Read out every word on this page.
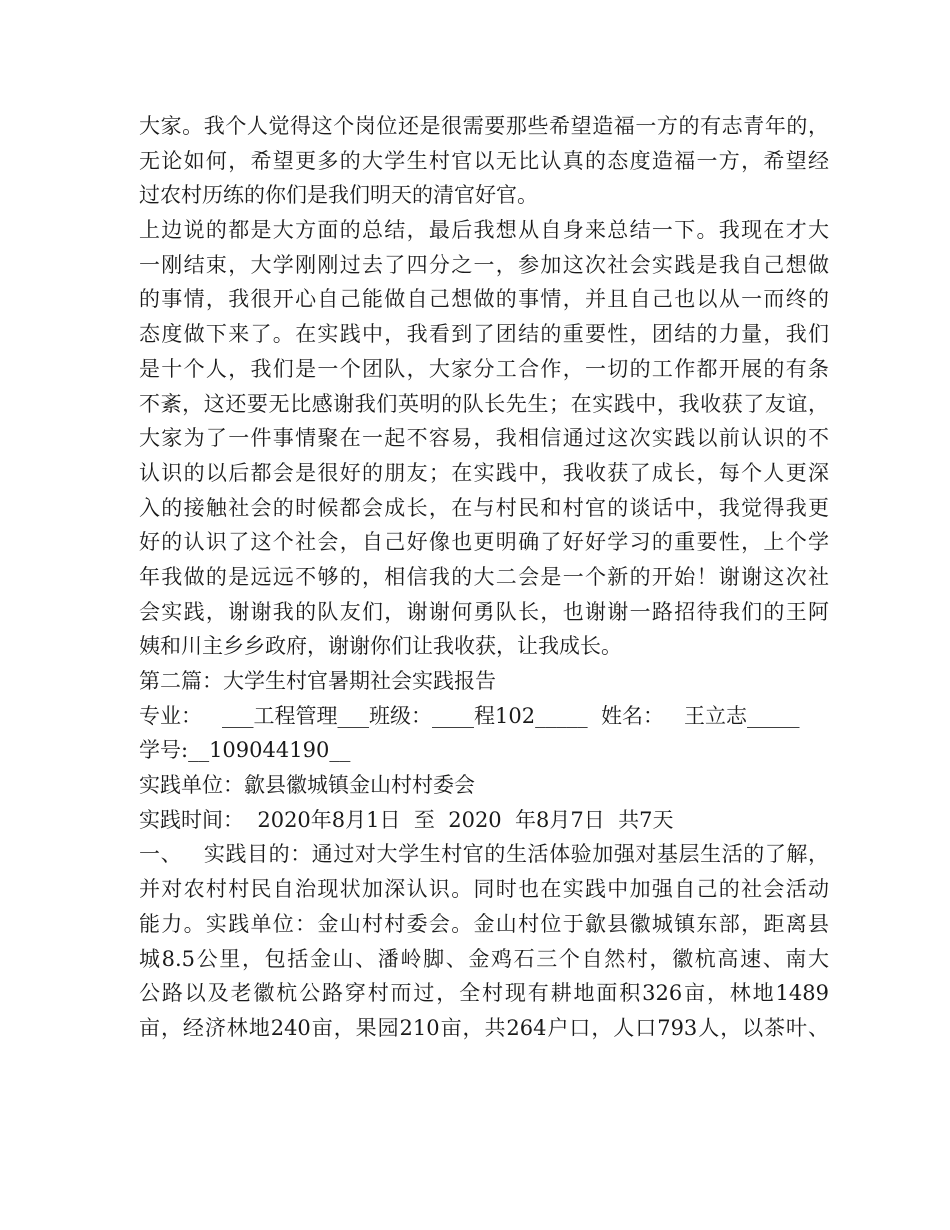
大家。我个人觉得这个岗位还是很需要那些希望造福一方的有志青年的，
无论如何，希望更多的大学生村官以无比认真的态度造福一方，希望经
过农村历练的你们是我们明天的清官好官。
上边说的都是大方面的总结，最后我想从自身来总结一下。我现在才大
一刚结束，大学刚刚过去了四分之一，参加这次社会实践是我自己想做
的事情，我很开心自己能做自己想做的事情，并且自己也以从一而终的
态度做下来了。在实践中，我看到了团结的重要性，团结的力量，我们
是十个人，我们是一个团队，大家分工合作，一切的工作都开展的有条
不紊，这还要无比感谢我们英明的队长先生；在实践中，我收获了友谊，
大家为了一件事情聚在一起不容易，我相信通过这次实践以前认识的不
认识的以后都会是很好的朋友；在实践中，我收获了成长，每个人更深
入的接触社会的时候都会成长，在与村民和村官的谈话中，我觉得我更
好的认识了这个社会，自己好像也更明确了好好学习的重要性，上个学
年我做的是远远不够的，相信我的大二会是一个新的开始！谢谢这次社
会实践，谢谢我的队友们，谢谢何勇队长，也谢谢一路招待我们的王阿
姨和川主乡乡政府，谢谢你们让我收获，让我成长。
第二篇：大学生村官暑期社会实践报告
专业：   ___工程管理___班级：____程102_____  姓名：   王立志_____
学号:__109044190__
实践单位：歙县徽城镇金山村村委会
实践时间：  2020年8月1日  至  2020  年8月7日  共7天
一、   实践目的：通过对大学生村官的生活体验加强对基层生活的了解，
并对农村村民自治现状加深认识。同时也在实践中加强自己的社会活动
能力。实践单位：金山村村委会。金山村位于歙县徽城镇东部，距离县
城8.5公里，包括金山、潘岭脚、金鸡石三个自然村，徽杭高速、南大
公路以及老徽杭公路穿村而过，全村现有耕地面积326亩，林地1489
亩，经济林地240亩，果园210亩，共264户口，人口793人，以茶叶、
